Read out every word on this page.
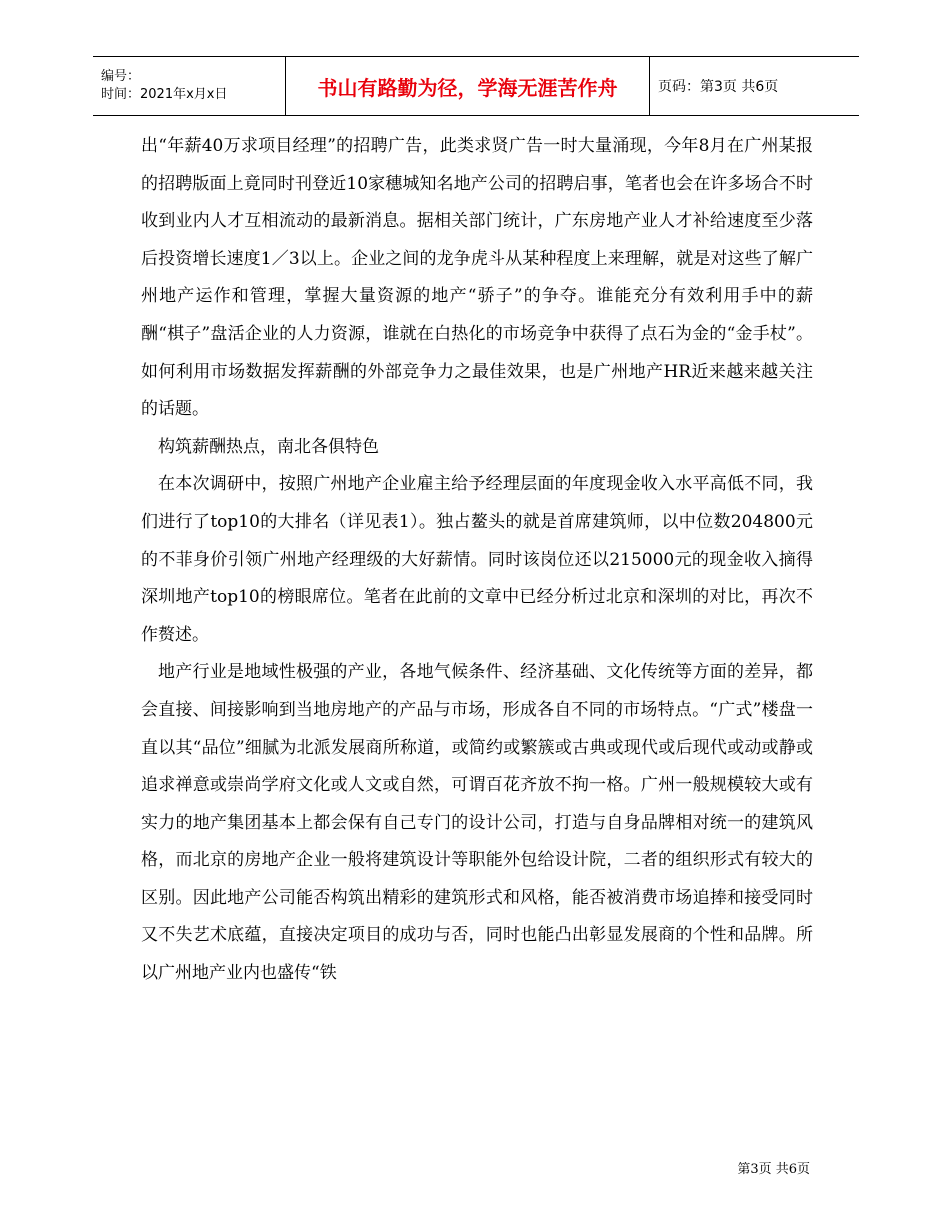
编号：
时间：2021年x月x日	书山有路勤为径，学海无涯苦作舟	页码：第3页 共6页

出“年薪40万求项目经理”的招聘广告，此类求贤广告一时大量涌现，今年8月在广州某报的招聘版面上竟同时刊登近10家穗城知名地产公司的招聘启事，笔者也会在许多场合不时收到业内人才互相流动的最新消息。据相关部门统计，广东房地产业人才补给速度至少落后投资增长速度1／3以上。企业之间的龙争虎斗从某种程度上来理解，就是对这些了解广州地产运作和管理，掌握大量资源的地产“骄子”的争夺。谁能充分有效利用手中的薪酬“棋子”盘活企业的人力资源，谁就在白热化的市场竞争中获得了点石为金的“金手杖”。如何利用市场数据发挥薪酬的外部竞争力之最佳效果，也是广州地产HR近来越来越关注的话题。

构筑薪酬热点，南北各俱特色

在本次调研中，按照广州地产企业雇主给予经理层面的年度现金收入水平高低不同，我们进行了top10的大排名（详见表1）。独占鳌头的就是首席建筑师，以中位数204800元的不菲身价引领广州地产经理级的大好薪情。同时该岗位还以215000元的现金收入摘得深圳地产top10的榜眼席位。笔者在此前的文章中已经分析过北京和深圳的对比，再次不作赘述。

地产行业是地域性极强的产业，各地气候条件、经济基础、文化传统等方面的差异，都会直接、间接影响到当地房地产的产品与市场，形成各自不同的市场特点。“广式”楼盘一直以其“品位”细腻为北派发展商所称道，或简约或繁簇或古典或现代或后现代或动或静或追求禅意或崇尚学府文化或人文或自然，可谓百花齐放不拘一格。广州一般规模较大或有实力的地产集团基本上都会保有自己专门的设计公司，打造与自身品牌相对统一的建筑风格，而北京的房地产企业一般将建筑设计等职能外包给设计院，二者的组织形式有较大的区别。因此地产公司能否构筑出精彩的建筑形式和风格，能否被消费市场追捧和接受同时又不失艺术底蕴，直接决定项目的成功与否，同时也能凸出彰显发展商的个性和品牌。所以广州地产业内也盛传“铁

第3页 共6页
